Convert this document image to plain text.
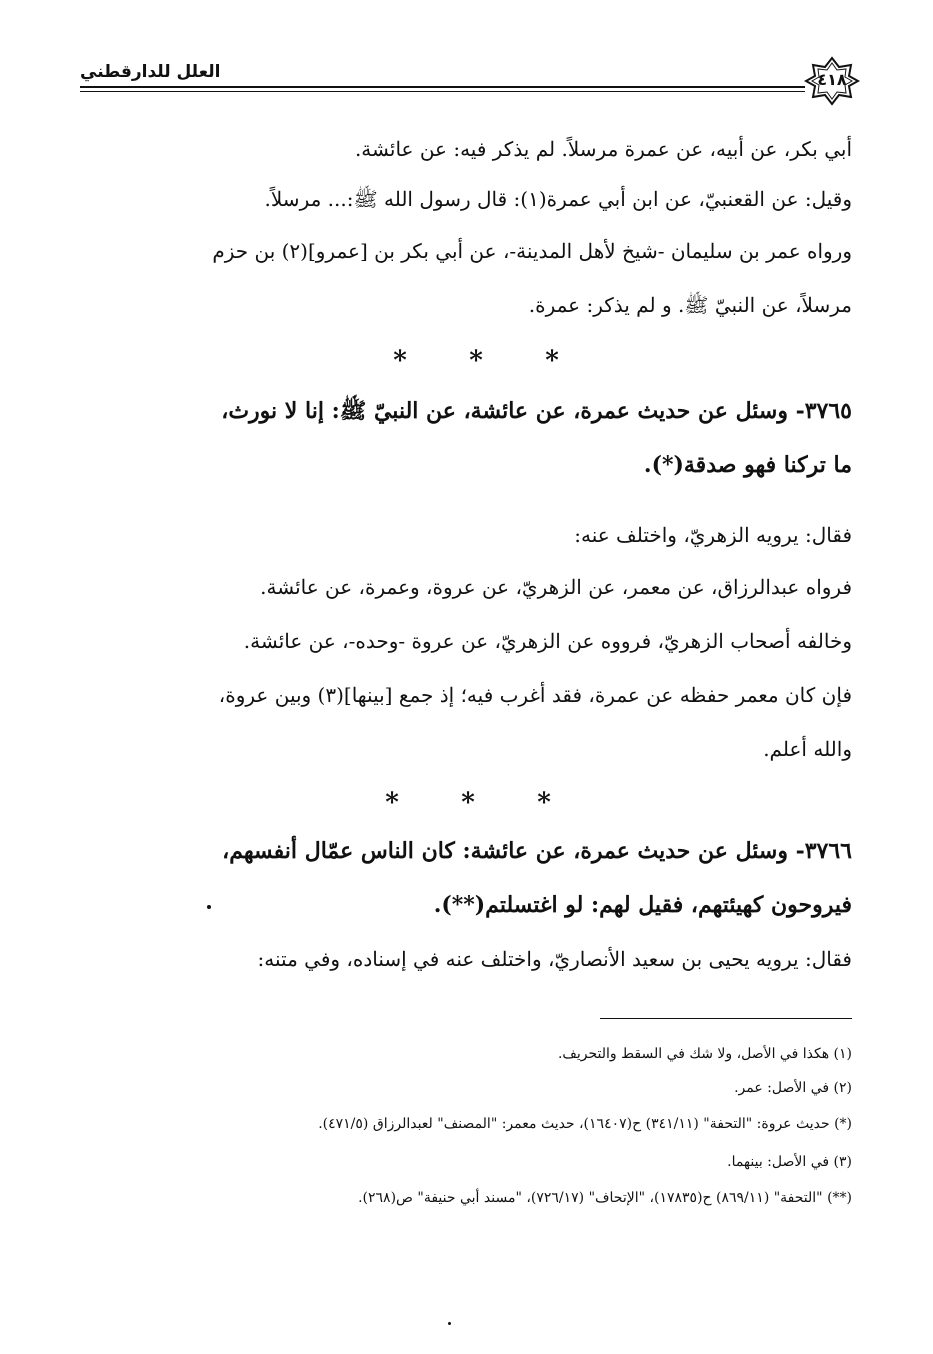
العلل للدارقطني	٤١٨
أبي بكر، عن أبيه، عن عمرة مرسلاً. لم يذكر فيه: عن عائشة.
وقيل: عن القعنبيّ، عن ابن أبي عمرة(١): قال رسول الله ﷺ:... مرسلاً.
ورواه عمر بن سليمان -شيخ لأهل المدينة-، عن أبي بكر بن [عمرو](٢) بن حزم
مرسلاً، عن النبيّ ﷺ. و لم يذكر: عمرة.
* * *
٣٧٦٥- وسئل عن حديث عمرة، عن عائشة، عن النبيّ ﷺ: إنا لا نورث،
ما تركنا فهو صدقة(*).
فقال: يرويه الزهريّ، واختلف عنه:
فرواه عبدالرزاق، عن معمر، عن الزهريّ، عن عروة، وعمرة، عن عائشة.
وخالفه أصحاب الزهريّ، فرووه عن الزهريّ، عن عروة -وحده-، عن عائشة.
فإن كان معمر حفظه عن عمرة، فقد أغرب فيه؛ إذ جمع [بينها](٣) وبين عروة،
والله أعلم.
* * *
٣٧٦٦- وسئل عن حديث عمرة، عن عائشة: كان الناس عمّال أنفسهم،
فيروحون كهيئتهم، فقيل لهم: لو اغتسلتم(**).
فقال: يرويه يحيى بن سعيد الأنصاريّ، واختلف عنه في إسناده، وفي متنه:
(١) هكذا في الأصل، ولا شك في السقط والتحريف.
(٢) في الأصل: عمر.
(*) حديث عروة: "التحفة" (٣٤١/١١) ح(١٦٤٠٧)، حديث معمر: "المصنف" لعبدالرزاق (٤٧١/٥).
(٣) في الأصل: بينهما.
(**) "التحفة" (٨٦٩/١١) ح(١٧٨٣٥)، "الإتحاف" (٧٢٦/١٧)، "مسند أبي حنيفة" ص(٢٦٨).
